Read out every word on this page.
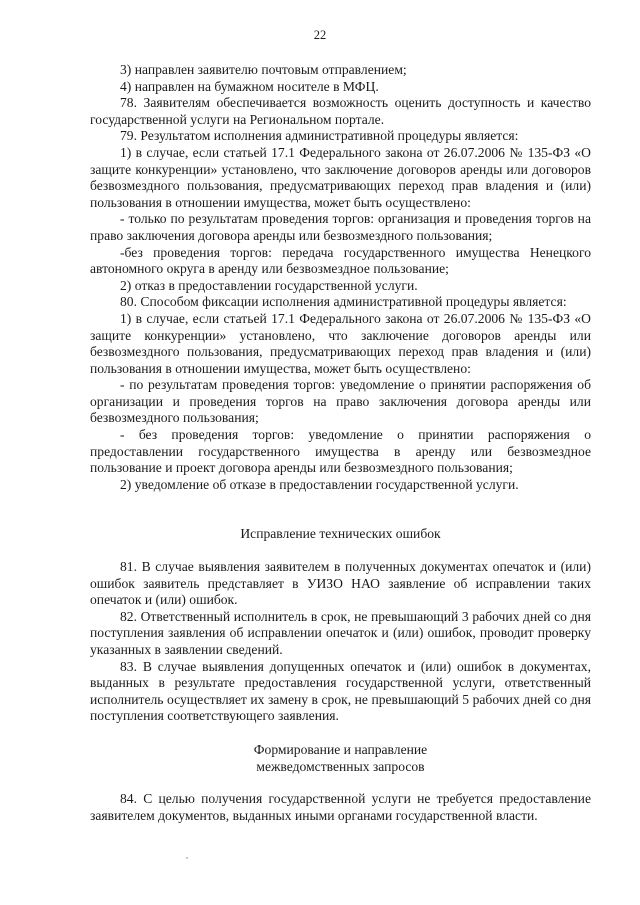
22

3) направлен заявителю почтовым отправлением;

4) направлен на бумажном носителе в МФЦ.

78. Заявителям обеспечивается возможность оценить доступность и качество государственной услуги на Региональном портале.

79. Результатом исполнения административной процедуры является:

1) в случае, если статьей 17.1 Федерального закона от 26.07.2006 № 135-ФЗ «О защите конкуренции» установлено, что заключение договоров аренды или договоров безвозмездного пользования, предусматривающих переход прав владения и (или) пользования в отношении имущества, может быть осуществлено:

- только по результатам проведения торгов: организация и проведения торгов на право заключения договора аренды или безвозмездного пользования;

-без проведения торгов: передача государственного имущества Ненецкого автономного округа в аренду или безвозмездное пользование;

2) отказ в предоставлении государственной услуги.

80. Способом фиксации исполнения административной процедуры является:

1) в случае, если статьей 17.1 Федерального закона от 26.07.2006 № 135-ФЗ «О защите конкуренции» установлено, что заключение договоров аренды или безвозмездного пользования, предусматривающих переход прав владения и (или) пользования в отношении имущества, может быть осуществлено:

- по результатам проведения торгов: уведомление о принятии распоряжения об организации и проведения торгов на право заключения договора аренды или безвозмездного пользования;

- без проведения торгов: уведомление о принятии распоряжения о предоставлении государственного имущества в аренду или безвозмездное пользование и проект договора аренды или безвозмездного пользования;

2) уведомление об отказе в предоставлении государственной услуги.

Исправление технических ошибок

81. В случае выявления заявителем в полученных документах опечаток и (или) ошибок заявитель представляет в УИЗО НАО заявление об исправлении таких опечаток и (или) ошибок.

82. Ответственный исполнитель в срок, не превышающий 3 рабочих дней со дня поступления заявления об исправлении опечаток и (или) ошибок, проводит проверку указанных в заявлении сведений.

83. В случае выявления допущенных опечаток и (или) ошибок в документах, выданных в результате предоставления государственной услуги, ответственный исполнитель осуществляет их замену в срок, не превышающий 5 рабочих дней со дня поступления соответствующего заявления.

Формирование и направление
межведомственных запросов

84. С целью получения государственной услуги не требуется предоставление заявителем документов, выданных иными органами государственной власти.
